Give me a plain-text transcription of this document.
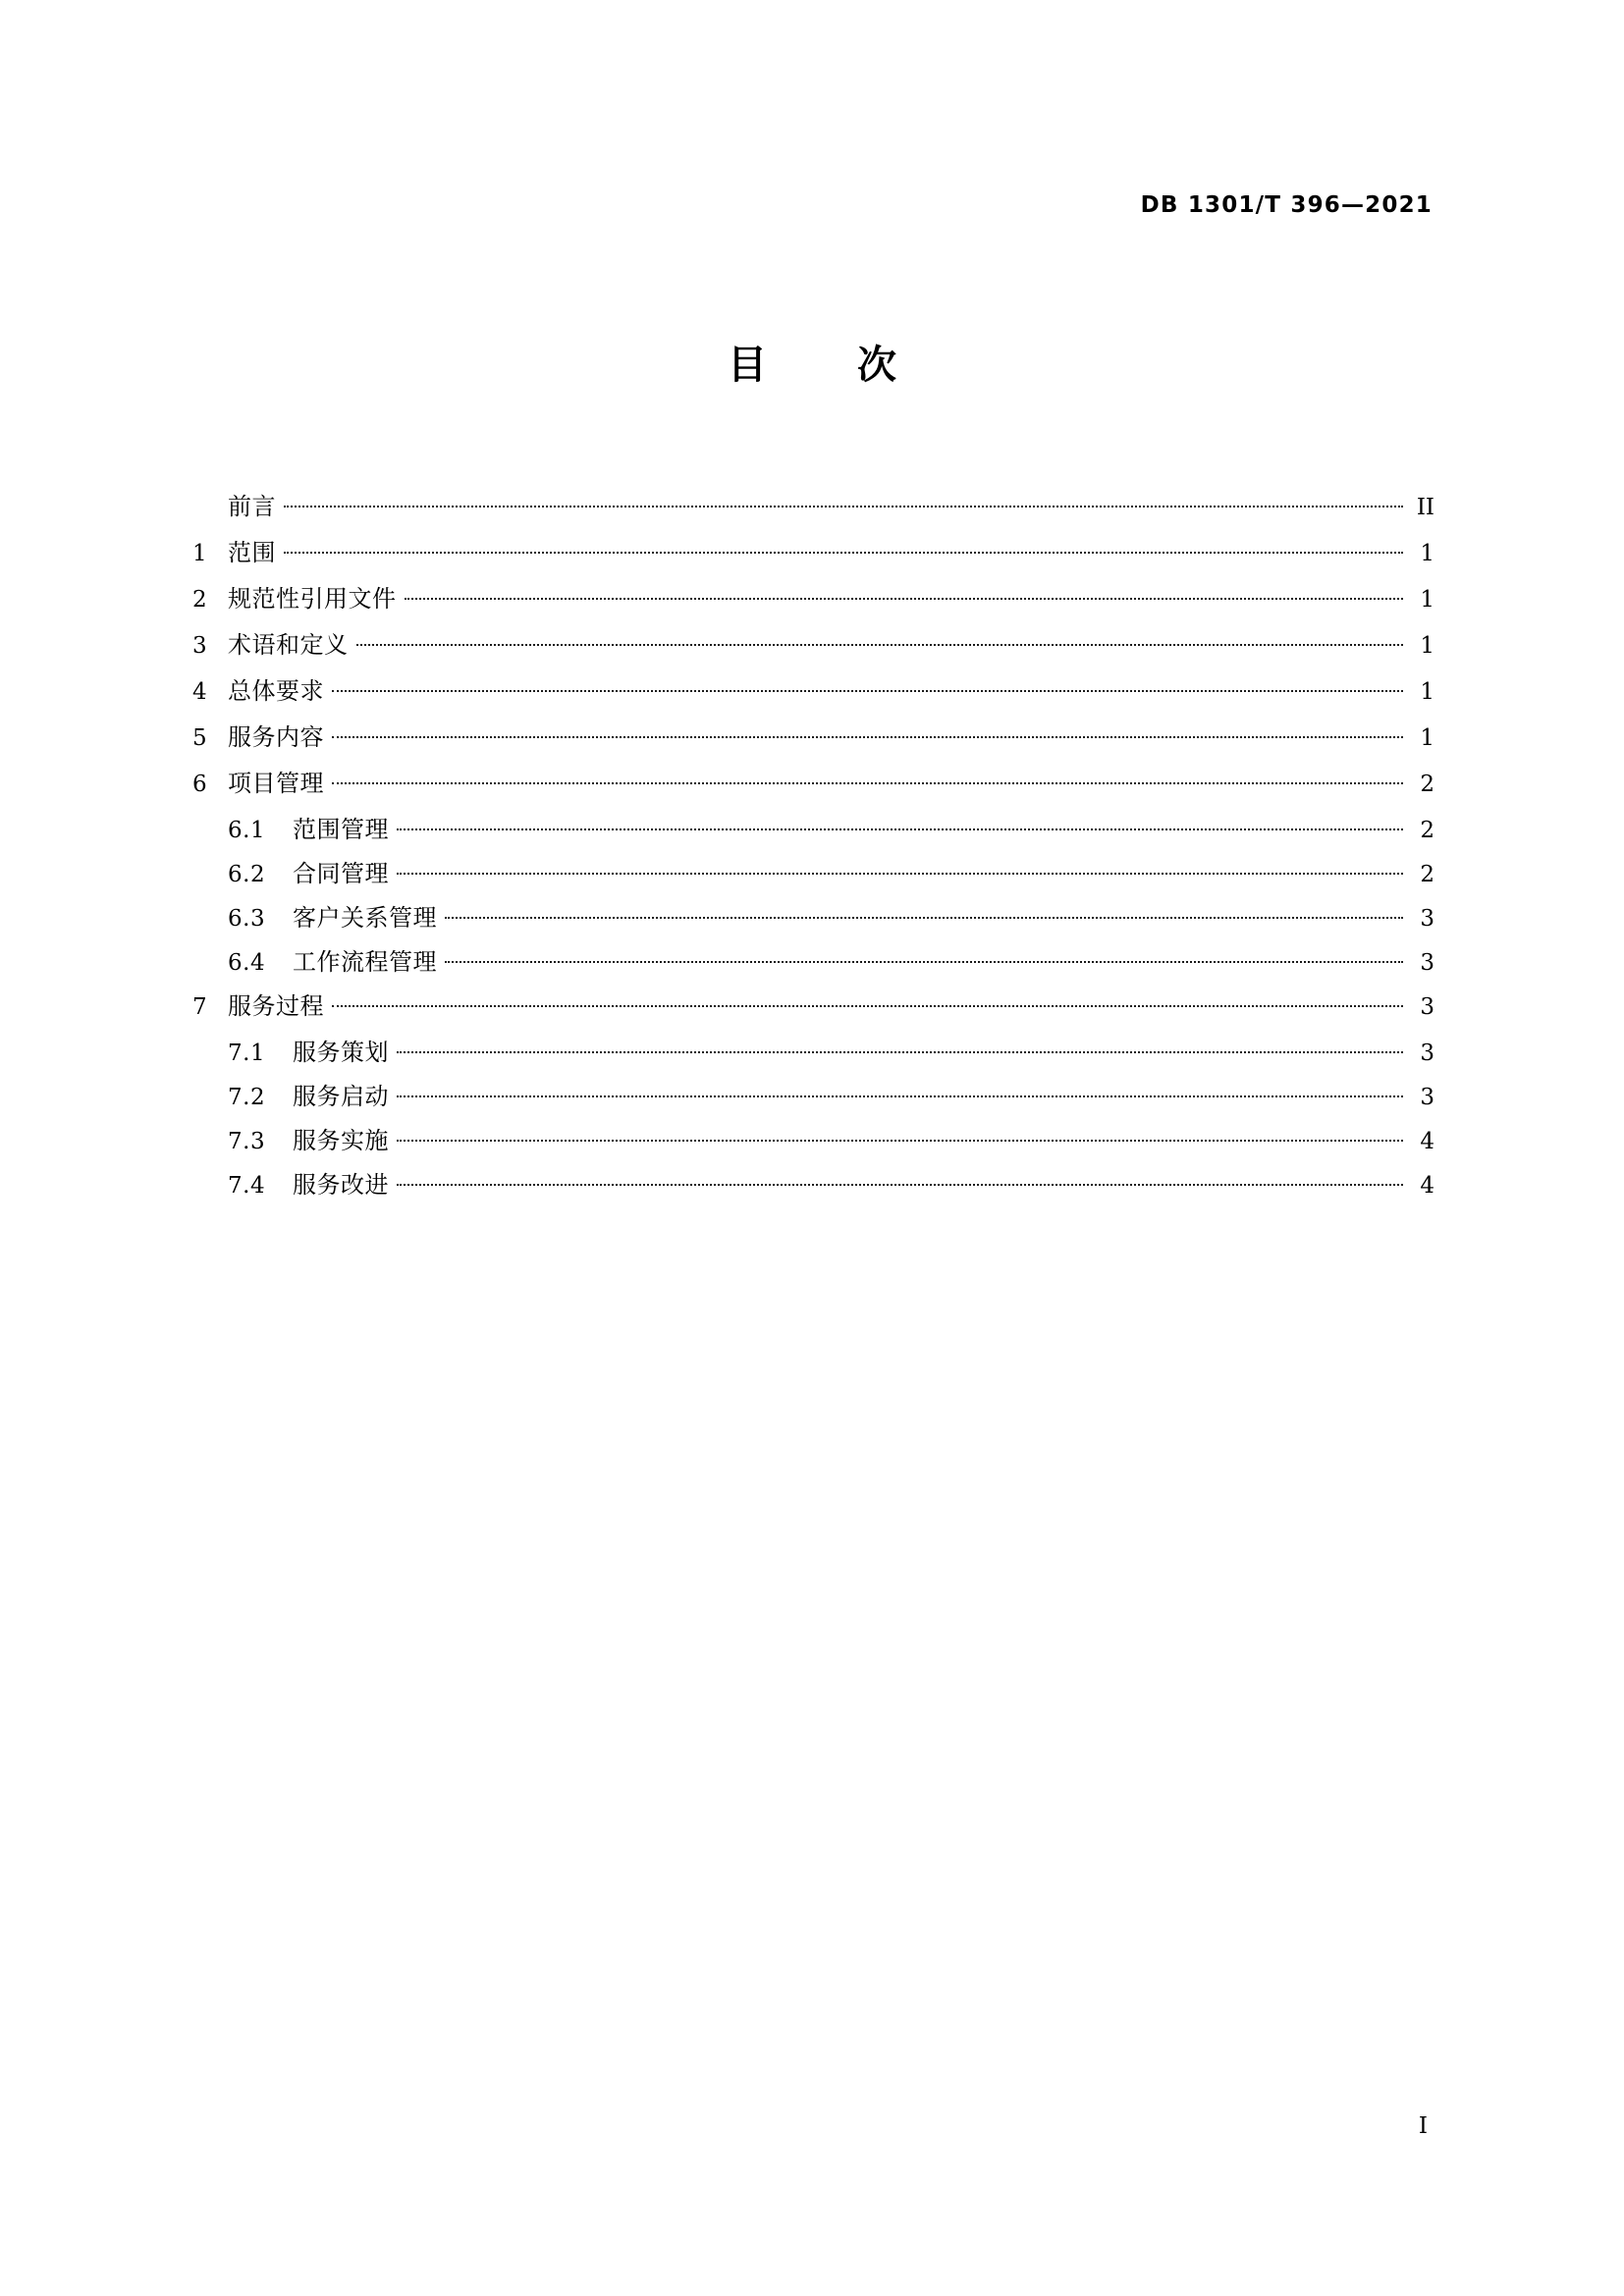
DB 1301/T 396—2021
目　次
前言	II
1 范围	1
2 规范性引用文件	1
3 术语和定义	1
4 总体要求	1
5 服务内容	1
6 项目管理	2
6.1	范围管理	2
6.2	合同管理	2
6.3	客户关系管理	3
6.4	工作流程管理	3
7 服务过程	3
7.1	服务策划	3
7.2	服务启动	3
7.3	服务实施	4
7.4	服务改进	4
I
